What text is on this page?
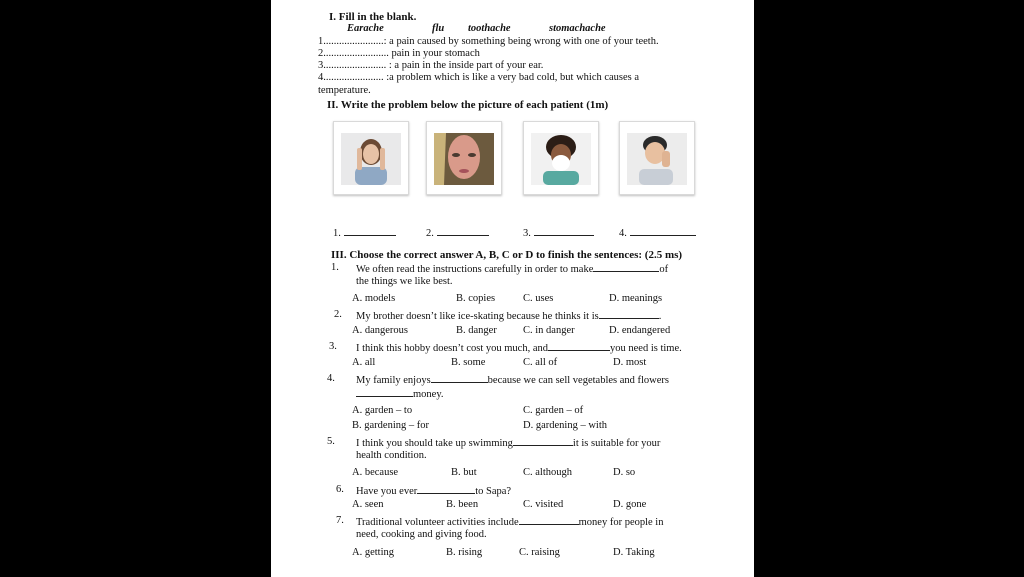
I. Fill in the blank.
Earache	flu toothache	stomachache
1.......................: a pain caused by something being wrong with one of your teeth.
2......................... pain in your stomach
3........................ : a pain in the inside part of your ear.
4....................... :a problem which is like a very bad cold, but which causes a
temperature.
II. Write the problem below the picture of each patient (1m)
1.	2.	3.	4.
III. Choose the correct answer A, B, C or D to finish the sentences: (2.5 ms)
1. We often read the instructions carefully in order to make	of
the things we like best.
A. models	B. copies	C. uses	D. meanings
2. My brother doesn’t like ice-skating because he thinks it is	.
A. dangerous	B. danger C. in danger	D. endangered
3. I think this hobby doesn’t cost you much, and	you need is time.
A. all	B. some	C. all of	D. most
4. My family enjoys	because we can sell vegetables and flowers
money.
A. garden – to	C. garden – of
B. gardening – for	D. gardening – with
5. I think you should take up swimming	it is suitable for your
health condition.
A. because	B. but	C. although	D. so
6. Have you ever	to Sapa?
A. seen	B. been	C. visited	D. gone
7. Traditional volunteer activities include	money for people in
need, cooking and giving food.
A. getting	B. rising	C. raising	D. Taking
